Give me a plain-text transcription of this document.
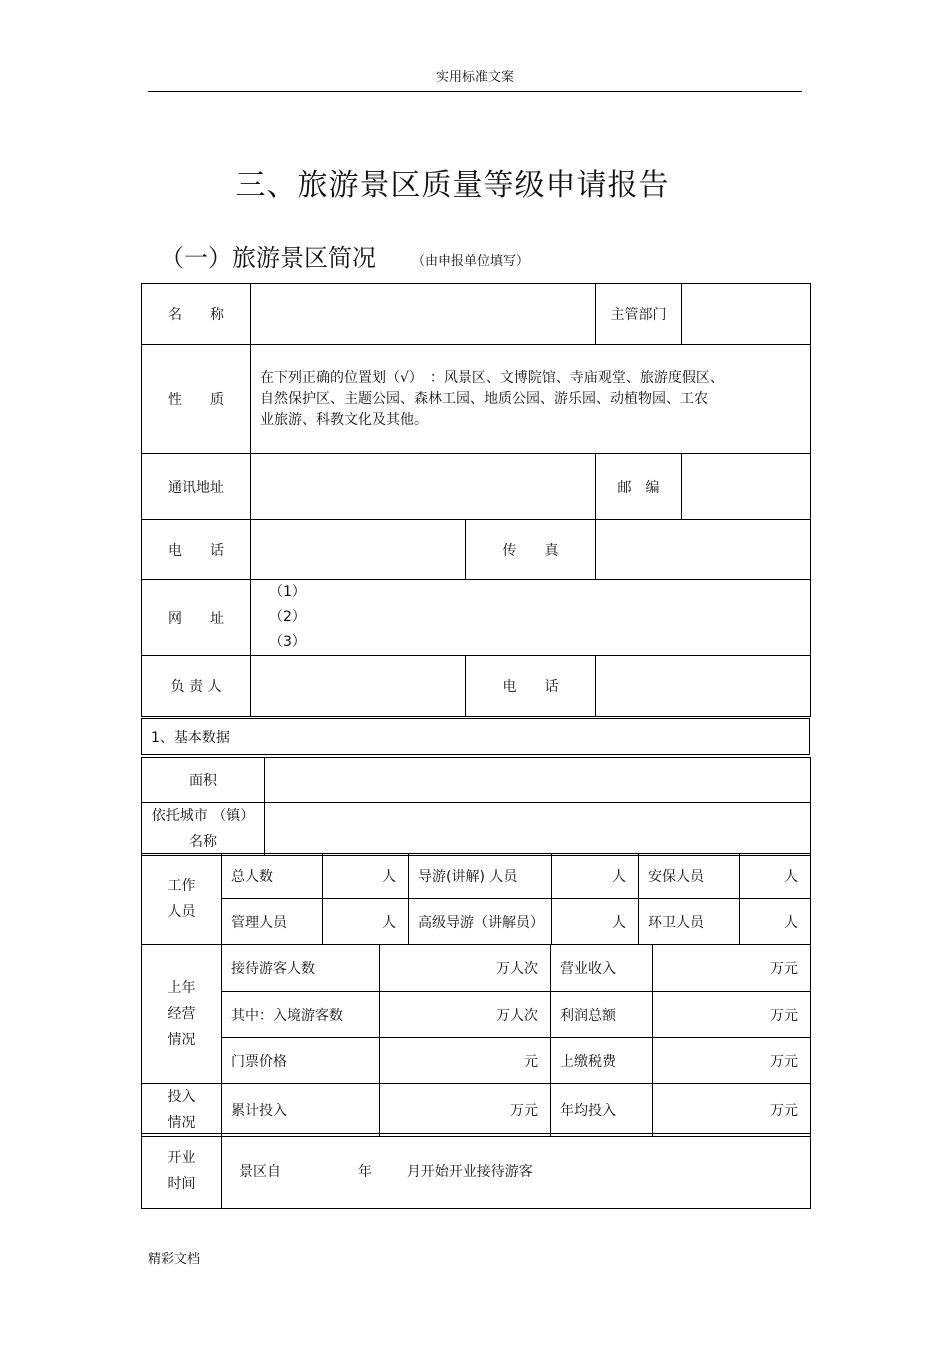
实用标准文案
三、旅游景区质量等级申请报告
（一）旅游景区简况	（由申报单位填写）
名　　称		主管部门	
性　　质	
在下列正确的位置划（√）　：风景区、文博院馆、寺庙观堂、旅游度假区、
自然保护区、主题公园、森林工园、地质公园、游乐园、动植物园、工农
业旅游、科教文化及其他。
通讯地址		邮　编	
电　　话		传　　真	
网　　址	
（1）
（2）
（3）
负 责 人		电　　话	
1、基本数据
面积	

依托城市 （镇）
名称	

工作
人员	总人数	人	导游(讲解) 人员	人	安保人员	人
	管理人员	人	高级导游（讲解员）	人	环卫人员	人
上年
经营
情况	接待游客人数	万人次	营业收入	万元
	其中：入境游客数	万人次	利润总额	万元
	门票价格	元	上缴税费	万元

投入
情况	累计投入	万元	年均投入	万元
开业
时间
	景区自	年 月开始开业接待游客
精彩文档
